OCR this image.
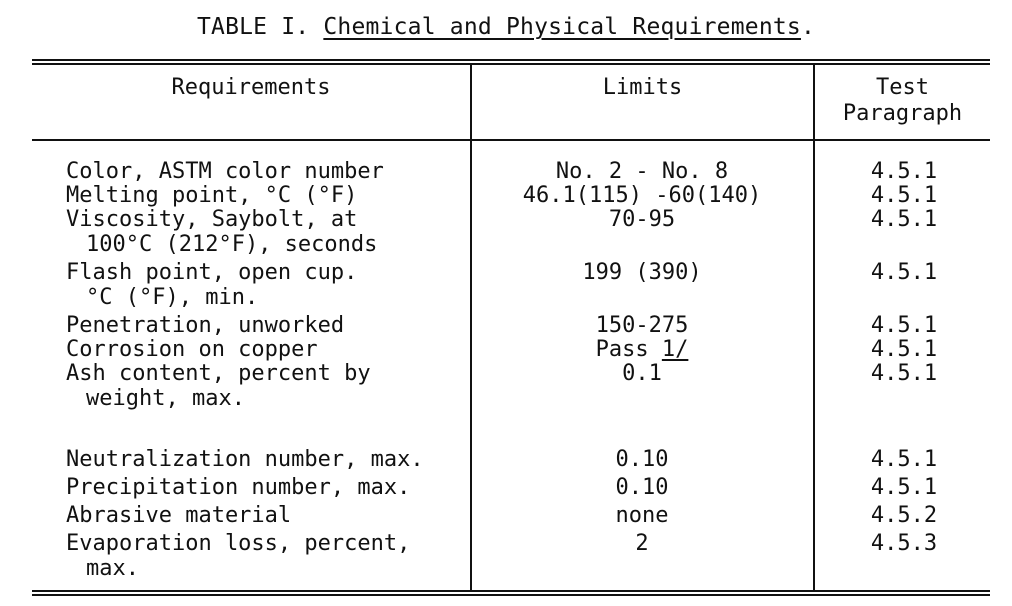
TABLE I. Chemical and Physical Requirements.
Requirements	Limits	Test
Paragraph
Color, ASTM color number	No. 2 - No. 8	4.5.1
Melting point, °C (°F)	46.1(115) -60(140)	4.5.1
Viscosity, Saybolt, at
100°C (212°F), seconds
70-95	4.5.1
Flash point, open cup.
°C (°F), min.
199 (390)	4.5.1
Penetration, unworked	150-275	4.5.1
Corrosion on copper	Pass 1/	4.5.1
Ash content, percent by
weight, max.
0.1	4.5.1
Neutralization number, max.	0.10	4.5.1
Precipitation number, max.	0.10	4.5.1
Abrasive material	none	4.5.2
Evaporation loss, percent,
max.
2	4.5.3
